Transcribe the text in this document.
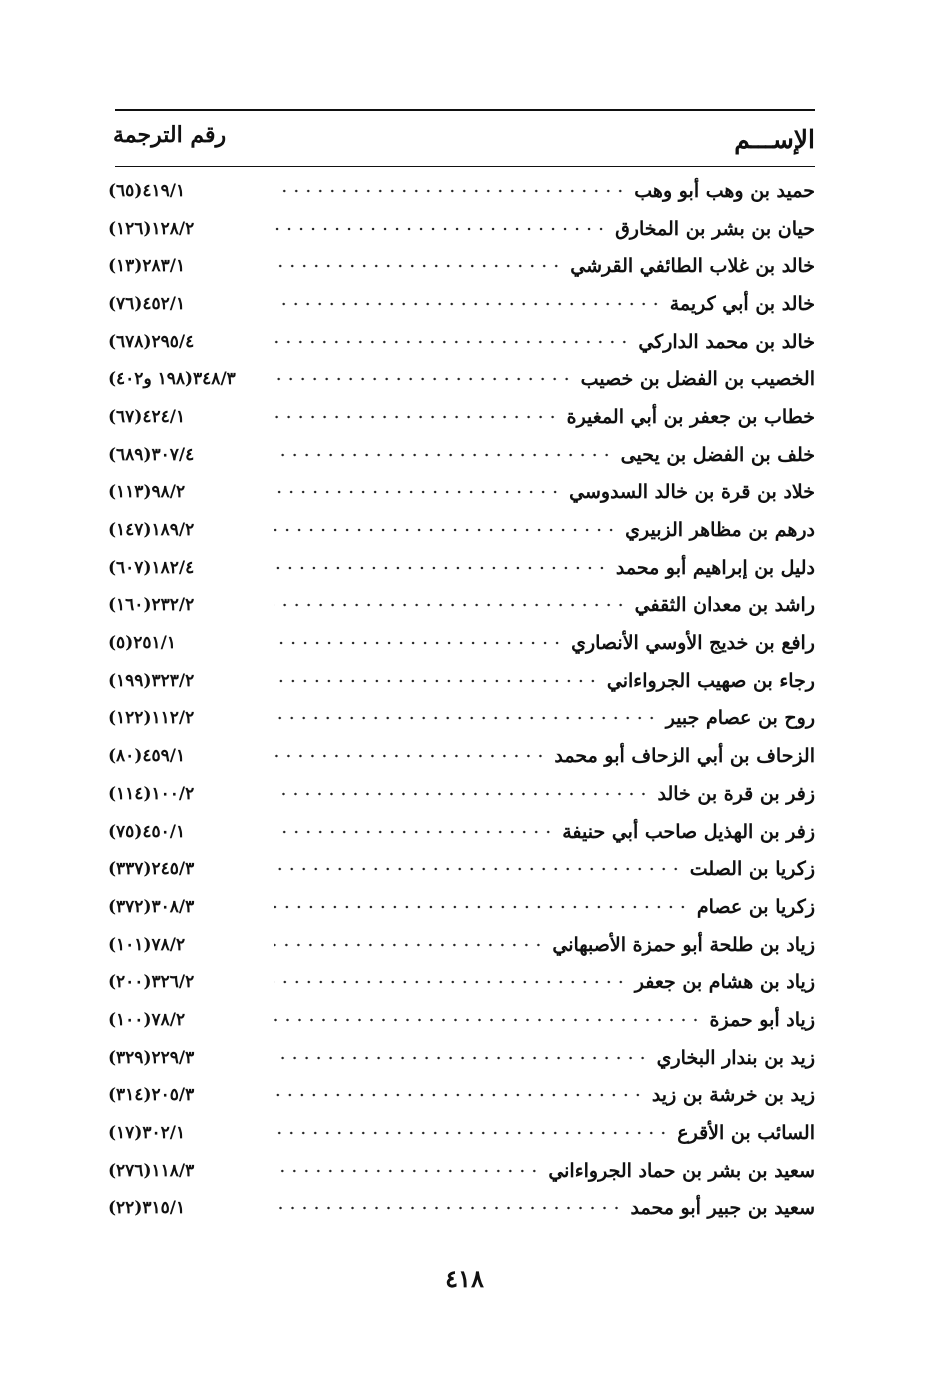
الإســـم
رقم الترجمة
حميد بن وهب أبو وهب
٤١٩/١(٦٥)
حيان بن بشر بن المخارق
١٢٨/٢(١٢٦)
خالد بن غلاب الطائفي القرشي
٢٨٣/١(١٣)
خالد بن أبي كريمة
٤٥٢/١(٧٦)
خالد بن محمد الداركي
٢٩٥/٤(٦٧٨)
الخصيب بن الفضل بن خصيب
٣٤٨/٣(١٩٨ و٤٠٢)
خطاب بن جعفر بن أبي المغيرة
٤٢٤/١(٦٧)
خلف بن الفضل بن يحيى
٣٠٧/٤(٦٨٩)
خلاد بن قرة بن خالد السدوسي
٩٨/٢(١١٣)
درهم بن مظاهر الزبيري
١٨٩/٢(١٤٧)
دليل بن إبراهيم أبو محمد
١٨٢/٤(٦٠٧)
راشد بن معدان الثقفي
٢٣٢/٢(١٦٠)
رافع بن خديج الأوسي الأنصاري
٢٥١/١(٥)
رجاء بن صهيب الجرواءاني
٣٢٣/٢(١٩٩)
روح بن عصام جبير
١١٢/٢(١٢٢)
الزحاف بن أبي الزحاف أبو محمد
٤٥٩/١(٨٠)
زفر بن قرة بن خالد
١٠٠/٢(١١٤)
زفر بن الهذيل صاحب أبي حنيفة
٤٥٠/١(٧٥)
زكريا بن الصلت
٢٤٥/٣(٣٣٧)
زكريا بن عصام
٣٠٨/٣(٣٧٢)
زياد بن طلحة أبو حمزة الأصبهاني
٧٨/٢(١٠١)
زياد بن هشام بن جعفر
٣٢٦/٢(٢٠٠)
زياد أبو حمزة
٧٨/٢(١٠٠)
زيد بن بندار البخاري
٢٢٩/٣(٣٢٩)
زيد بن خرشة بن زيد
٢٠٥/٣(٣١٤)
السائب بن الأقرع
٣٠٢/١(١٧)
سعيد بن بشر بن حماد الجرواءاني
١١٨/٣(٢٧٦)
سعيد بن جبير أبو محمد
٣١٥/١(٢٢)
٤١٨
